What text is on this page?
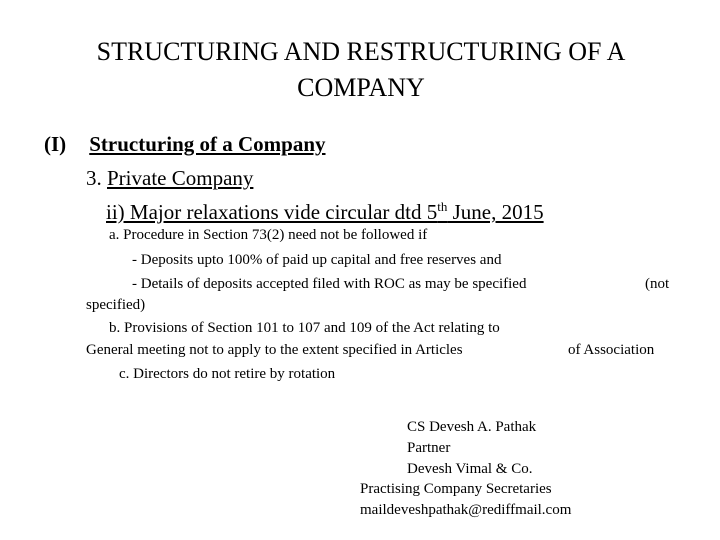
STRUCTURING AND RESTRUCTURING OF A
COMPANY
(I) Structuring of a Company
3. Private Company
ii) Major relaxations vide circular dtd 5th June, 2015
a. Procedure in Section 73(2) need not be followed if
- Deposits upto 100% of paid up capital and free reserves and
- Details of deposits accepted filed with ROC as may be specified	(not
specified)
b. Provisions of Section 101 to 107 and 109 of the Act relating to
General meeting not to apply to the extent specified in Articles	of Association
c. Directors do not retire by rotation
CS Devesh A. Pathak
Partner
Devesh Vimal & Co.
Practising Company Secretaries
maildeveshpathak@rediffmail.com
